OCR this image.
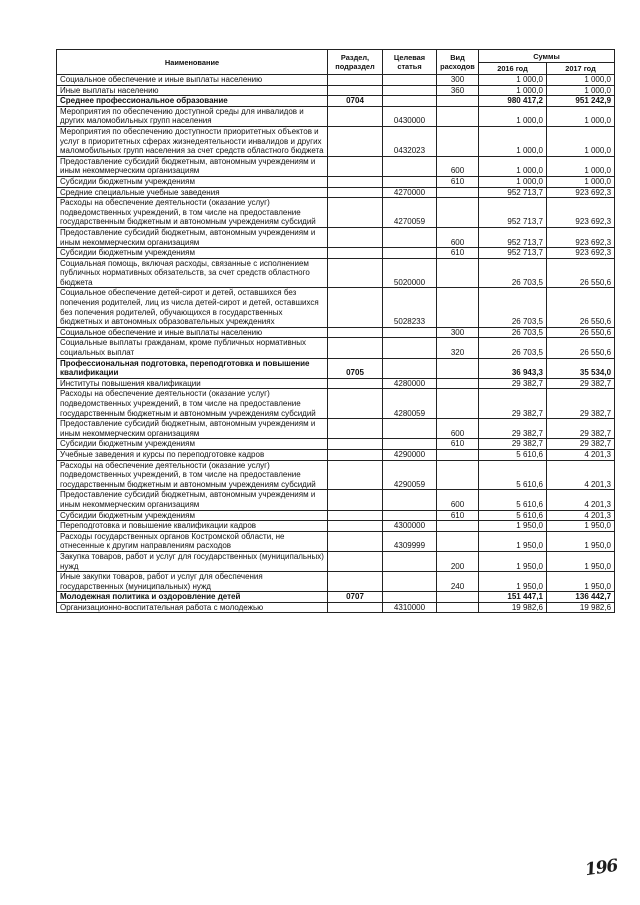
Наименование	Раздел, подраздел	Целевая статья	Вид расходов	Суммы	
				2016 год	2017 год
Социальное обеспечение и иные выплаты населению			300	1 000,0	1 000,0
Иные выплаты населению			360	1 000,0	1 000,0
Среднее профессиональное образование	0704			980 417,2	951 242,9
Мероприятия по обеспечению доступной среды для инвалидов и других маломобильных групп населения		0430000		1 000,0	1 000,0
Мероприятия по обеспечению доступности приоритетных объектов и услуг в приоритетных сферах жизнедеятельности инвалидов и других маломобильных групп населения за счет средств областного бюджета		0432023		1 000,0	1 000,0
Предоставление субсидий бюджетным, автономным учреждениям и иным некоммерческим организациям			600	1 000,0	1 000,0
Субсидии бюджетным учреждениям			610	1 000,0	1 000,0
Средние специальные учебные заведения		4270000		952 713,7	923 692,3
Расходы на обеспечение деятельности (оказание услуг) подведомственных учреждений, в том числе на предоставление государственным бюджетным и автономным учреждениям субсидий		4270059		952 713,7	923 692,3
Предоставление субсидий бюджетным, автономным учреждениям и иным некоммерческим организациям			600	952 713,7	923 692,3
Субсидии бюджетным учреждениям			610	952 713,7	923 692,3
Социальная помощь, включая расходы, связанные с исполнением публичных нормативных обязательств, за счет средств областного бюджета		5020000		26 703,5	26 550,6
Социальное обеспечение детей-сирот и детей, оставшихся без попечения родителей, лиц из числа детей-сирот и детей, оставшихся без попечения родителей, обучающихся в государственных бюджетных и автономных образовательных учреждениях		5028233		26 703,5	26 550,6
Социальное обеспечение и иные выплаты населению			300	26 703,5	26 550,6
Социальные выплаты гражданам, кроме публичных нормативных социальных выплат			320	26 703,5	26 550,6
Профессиональная подготовка, переподготовка и повышение квалификации	0705			36 943,3	35 534,0
Институты повышения квалификации		4280000		29 382,7	29 382,7
Расходы на обеспечение деятельности (оказание услуг) подведомственных учреждений, в том числе на предоставление государственным бюджетным и автономным учреждениям субсидий		4280059		29 382,7	29 382,7
Предоставление субсидий бюджетным, автономным учреждениям и иным некоммерческим организациям			600	29 382,7	29 382,7
Субсидии бюджетным учреждениям			610	29 382,7	29 382,7
Учебные заведения и курсы по переподготовке кадров		4290000		5 610,6	4 201,3
Расходы на обеспечение деятельности (оказание услуг) подведомственных учреждений, в том числе на предоставление государственным бюджетным и автономным учреждениям субсидий		4290059		5 610,6	4 201,3
Предоставление субсидий бюджетным, автономным учреждениям и иным некоммерческим организациям			600	5 610,6	4 201,3
Субсидии бюджетным учреждениям			610	5 610,6	4 201,3
Переподготовка и повышение квалификации кадров		4300000		1 950,0	1 950,0
Расходы государственных органов Костромской области, не отнесенные к другим направлениям расходов		4309999		1 950,0	1 950,0
Закупка товаров, работ и услуг для государственных (муниципальных) нужд			200	1 950,0	1 950,0
Иные закупки товаров, работ и услуг для обеспечения государственных (муниципальных) нужд			240	1 950,0	1 950,0
Молодежная политика и оздоровление детей	0707			151 447,1	136 442,7
Организационно-воспитательная работа с молодежью		4310000		19 982,6	19 982,6
196
